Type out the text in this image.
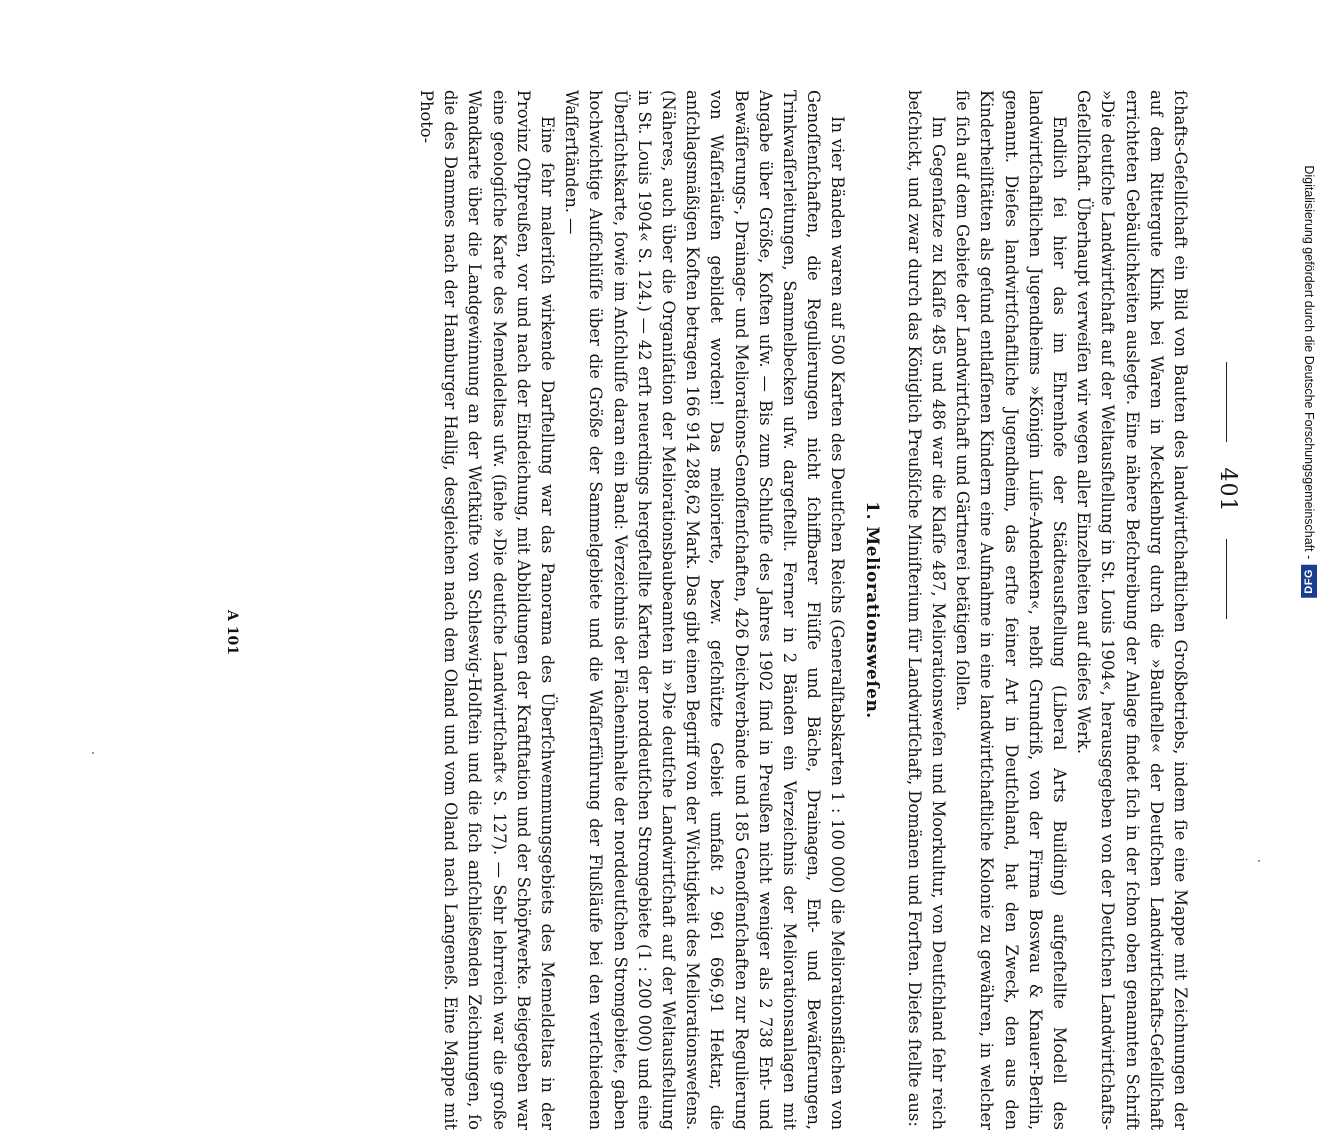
401

ſchafts-Geſellſchaft ein Bild von Bauten des landwirtſchaftlichen Großbetriebs, indem ſie eine Mappe mit Zeichnungen der auf dem Rittergute Klink bei Waren in Mecklenburg durch die »Bauſtelle« der Deutſchen Landwirtſchafts-Geſellſchaft errichteten Gebäulichkeiten auslegte. Eine nähere Beſchreibung der Anlage findet ſich in der ſchon oben genannten Schrift »Die deutſche Landwirtſchaft auf der Weltausſtellung in St. Louis 1904«, herausgegeben von der Deutſchen Landwirtſchafts-Geſellſchaft. Überhaupt verweiſen wir wegen aller Einzelheiten auf dieſes Werk.

Endlich ſei hier das im Ehrenhofe der Städteausſtellung (Liberal Arts Building) aufgeſtellte Modell des landwirtſchaftlichen Jugendheims »Königin Luiſe-Andenken«, nebſt Grundriß, von der Firma Boswau & Knauer-Berlin, genannt. Dieſes landwirtſchaftliche Jugendheim, das erſte ſeiner Art in Deutſchland, hat den Zweck, den aus den Kinderheilſtätten als geſund entlaſſenen Kindern eine Aufnahme in eine landwirtſchaftliche Kolonie zu gewähren, in welcher ſie ſich auf dem Gebiete der Landwirtſchaft und Gärtnerei betätigen ſollen.

Im Gegenſatze zu Klaſſe 485 und 486 war die Klaſſe 487, Meliorationsweſen und Moorkultur, von Deutſchland ſehr reich beſchickt, und zwar durch das Königlich Preußiſche Miniſterium für Landwirtſchaft, Domänen und Forſten. Dieſes ſtellte aus:

1. Meliorationsweſen.

In vier Bänden waren auf 500 Karten des Deutſchen Reichs (Generalſtabskarten 1 : 100 000) die Meliorationsflächen von Genoſſenſchaften, die Regulierungen nicht ſchiffbarer Flüſſe und Bäche, Drainagen, Ent- und Bewäſſerungen, Trinkwaſſerleitungen, Sammelbecken uſw. dargeſtellt. Ferner in 2 Bänden ein Verzeichnis der Meliorationsanlagen mit Angabe über Größe, Koſten uſw. — Bis zum Schluſſe des Jahres 1902 ſind in Preußen nicht weniger als 2 738 Ent- und Bewäſſerungs-, Drainage- und Meliorations-Genoſſenſchaften, 426 Deichverbände und 185 Genoſſenſchaften zur Regulierung von Waſſerläufen gebildet worden! Das meliorierte, bezw. geſchützte Gebiet umfaßt 2 961 696,91 Hektar, die anſchlagsmäßigen Koſten betragen 166 914 288,62 Mark. Das gibt einen Begriff von der Wichtigkeit des Meliorationsweſens. (Näheres, auch über die Organiſation der Meliorationsbaubeamten in »Die deutſche Landwirtſchaft auf der Weltausſtellung in St. Louis 1904« S. 124.) — 42 erſt neuerdings hergeſtellte Karten der norddeutſchen Stromgebiete (1 : 200 000) und eine Überſichtskarte, ſowie im Anſchluſſe daran ein Band: Verzeichnis der Flächeninhalte der norddeutſchen Stromgebiete, gaben hochwichtige Aufſchlüſſe über die Größe der Sammelgebiete und die Waſſerführung der Flußläufe bei den verſchiedenen Waſſerſtänden. —

Eine ſehr maleriſch wirkende Darſtellung war das Panorama des Überſchwemmungsgebiets des Memeldeltas in der Provinz Oſtpreußen, vor und nach der Eindeichung, mit Abbildungen der Kraftſtation und der Schöpfwerke. Beigegeben war eine geologiſche Karte des Memeldeltas uſw. (ſiehe »Die deutſche Landwirtſchaft« S. 127). — Sehr lehrreich war die große Wandkarte über die Landgewinnung an der Weſtküſte von Schleswig-Holſtein und die ſich anſchließenden Zeichnungen, ſo die des Dammes nach der Hamburger Hallig, desgleichen nach dem Oland und vom Oland nach Langeneß. Eine Mappe mit Photo-

A 101
Digitalisierung gefördert durch die Deutsche Forschungsgemeinschaft -
DFG
